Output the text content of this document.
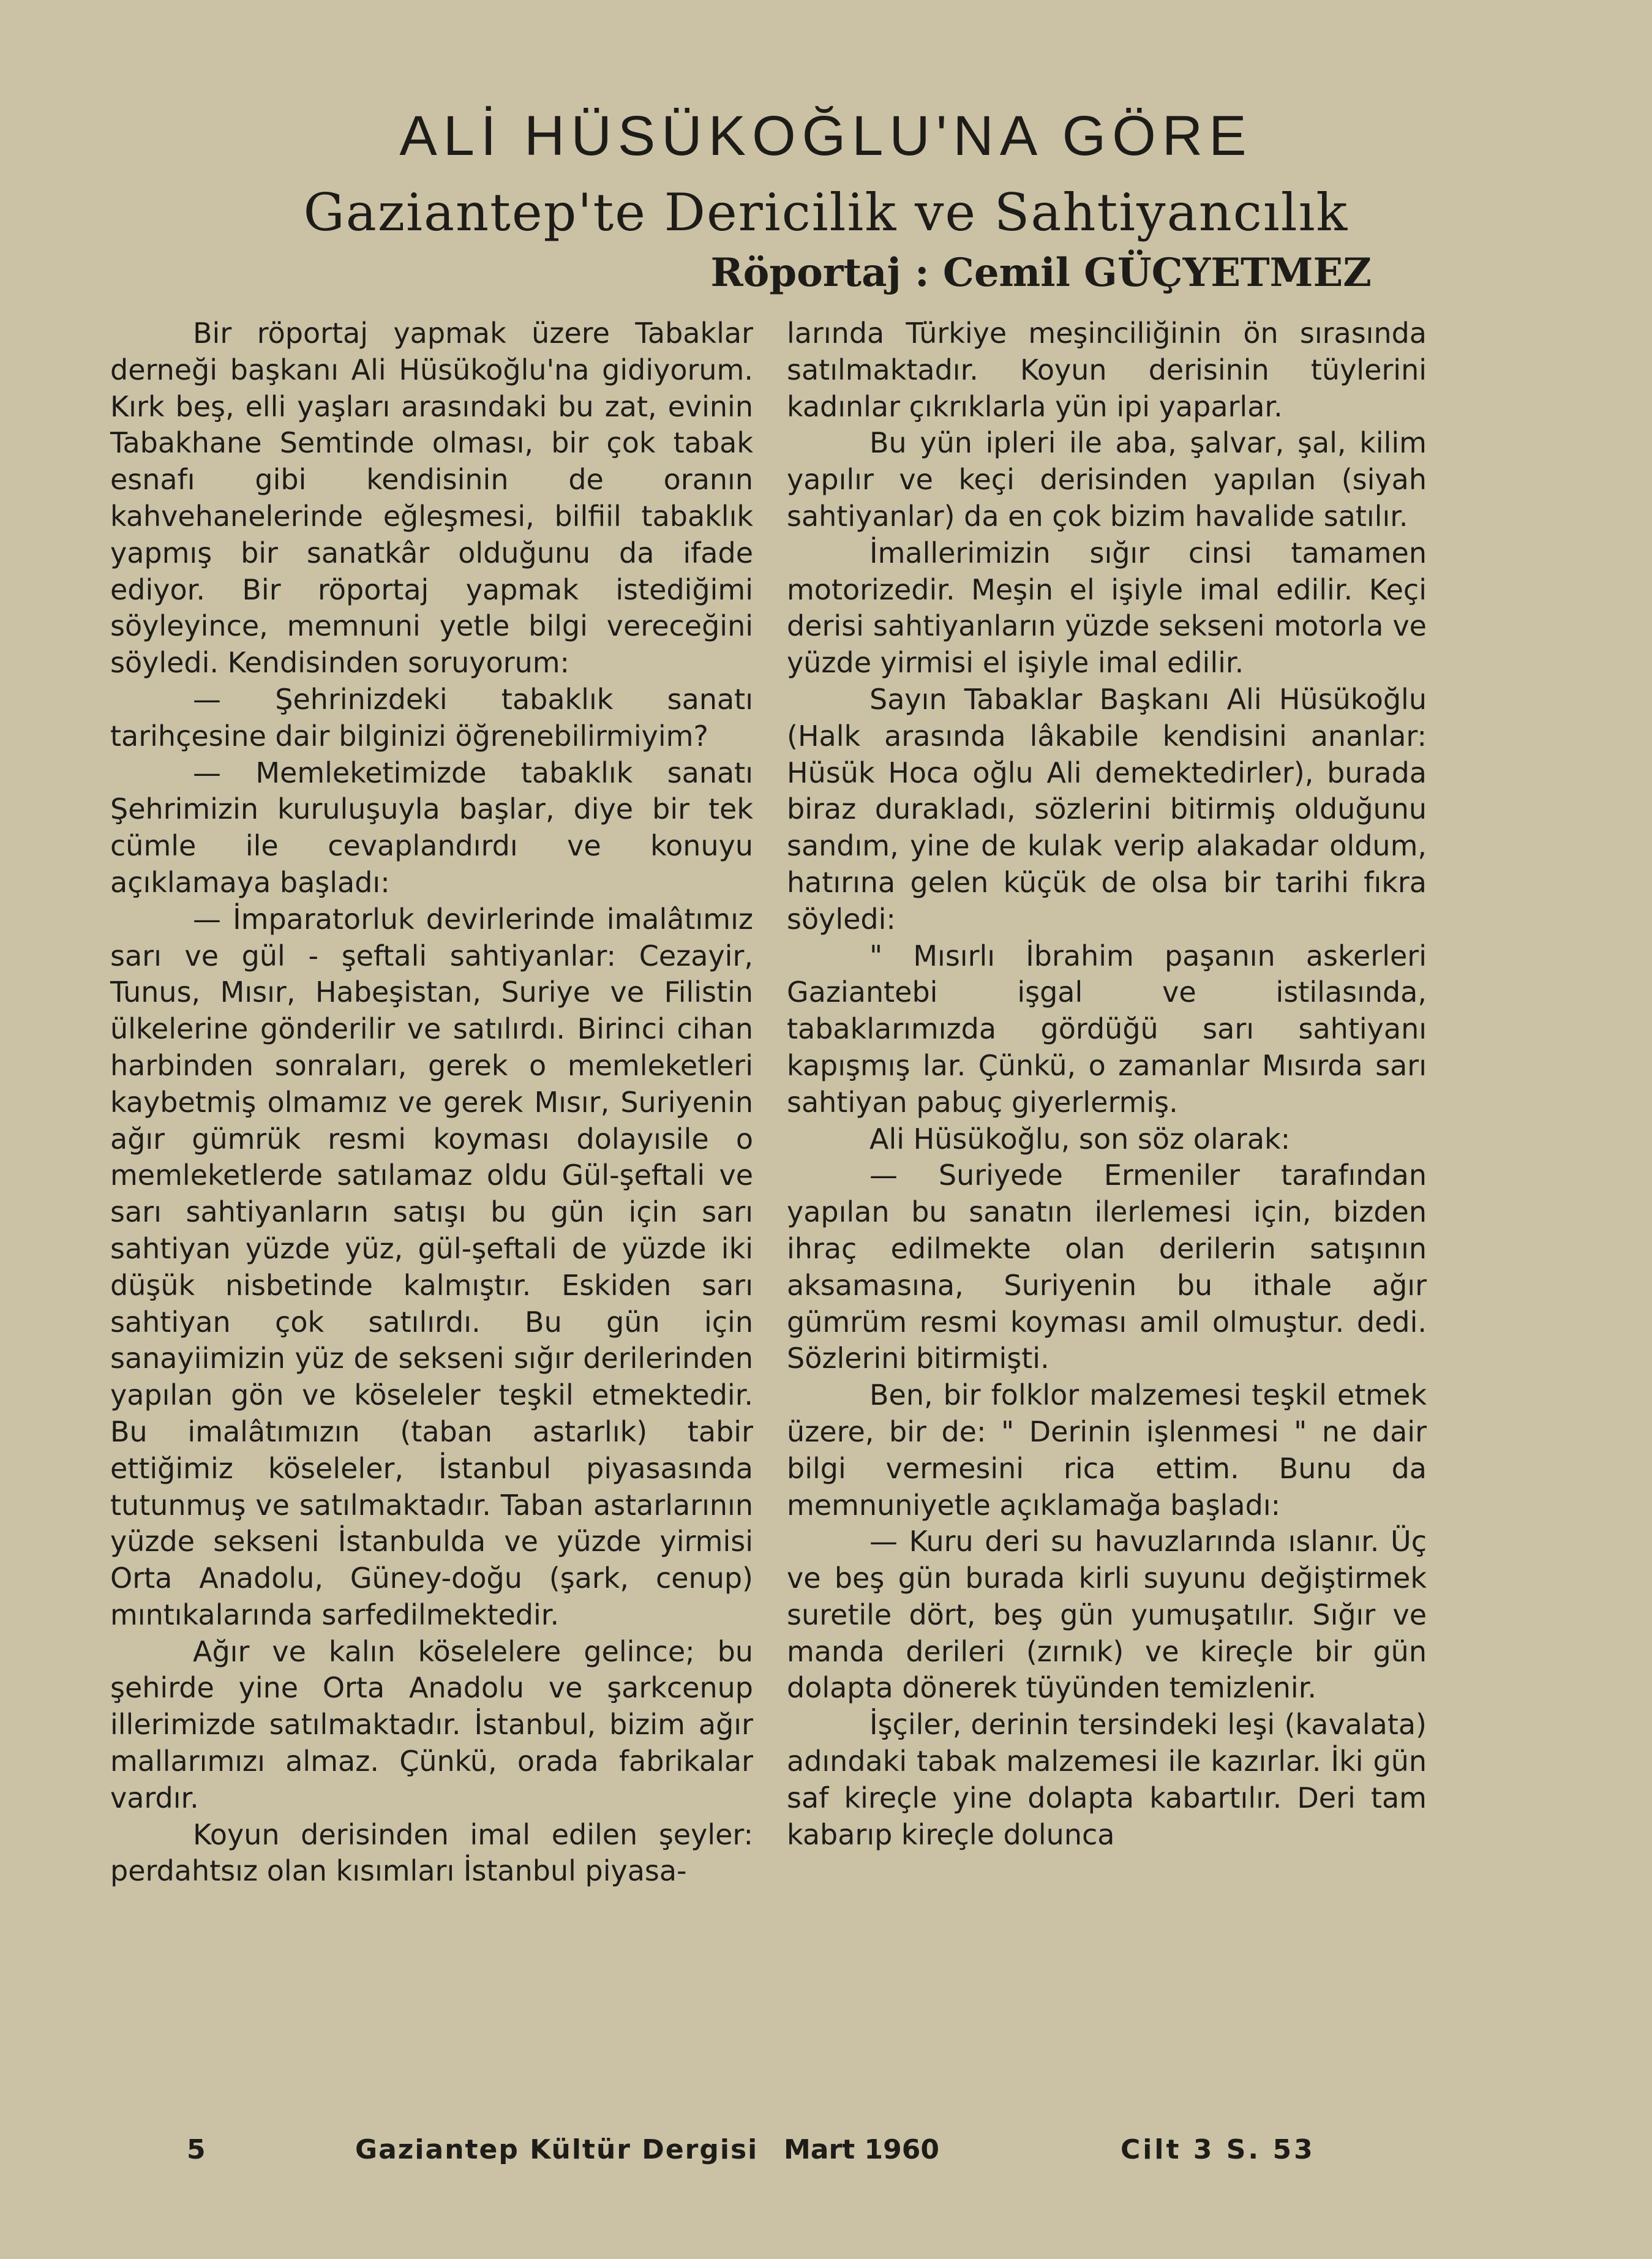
ALİ HÜSÜKOĞLU'NA GÖRE
Gaziantep'te Dericilik ve Sahtiyancılık
Röportaj : Cemil GÜÇYETMEZ

Bir röportaj yapmak üzere Tabaklar derneği başkanı Ali Hüsükoğlu'na gidiyorum. Kırk beş, elli yaşları arasındaki bu zat, evinin Tabakhane Semtinde olması, bir çok tabak esnafı gibi kendisinin de oranın kahvehanelerinde eğleşmesi, bilfiil tabaklık yapmış bir sanatkâr olduğunu da ifade ediyor. Bir röportaj yapmak istediğimi söyleyince, memnuni yetle bilgi vereceğini söyledi. Kendisinden soruyorum:

— Şehrinizdeki tabaklık sanatı tarihçesine dair bilginizi öğrenebilirmiyim?

— Memleketimizde tabaklık sanatı Şehrimizin kuruluşuyla başlar, diye bir tek cümle ile cevaplandırdı ve konuyu açıklamaya başladı:

— İmparatorluk devirlerinde imalâtımız sarı ve gül - şeftali sahtiyanlar: Cezayir, Tunus, Mısır, Habeşistan, Suriye ve Filistin ülkelerine gönderilir ve satılırdı. Birinci cihan harbinden sonraları, gerek o memleketleri kaybetmiş olmamız ve gerek Mısır, Suriyenin ağır gümrük resmi koyması dolayısile o memleketlerde satılamaz oldu Gül-şeftali ve sarı sahtiyanların satışı bu gün için sarı sahtiyan yüzde yüz, gül-şeftali de yüzde iki düşük nisbetinde kalmıştır. Eskiden sarı sahtiyan çok satılırdı. Bu gün için sanayiimizin yüz de sekseni sığır derilerinden yapılan gön ve köseleler teşkil etmektedir. Bu imalâtımızın (taban astarlık) tabir ettiğimiz köseleler, İstanbul piyasasında tutunmuş ve satılmaktadır. Taban astarlarının yüzde sekseni İstanbulda ve yüzde yirmisi Orta Anadolu, Güney-doğu (şark, cenup) mıntıkalarında sarfedilmektedir.

Ağır ve kalın köselelere gelince; bu şehirde yine Orta Anadolu ve şarkcenup illerimizde satılmaktadır. İstanbul, bizim ağır mallarımızı almaz. Çünkü, orada fabrikalar vardır.

Koyun derisinden imal edilen şeyler: perdahtsız olan kısımları İstanbul piyasa-

larında Türkiye meşinciliğinin ön sırasında satılmaktadır. Koyun derisinin tüylerini kadınlar çıkrıklarla yün ipi yaparlar.

Bu yün ipleri ile aba, şalvar, şal, kilim yapılır ve keçi derisinden yapılan (siyah sahtiyanlar) da en çok bizim havalide satılır.

İmallerimizin sığır cinsi tamamen motorizedir. Meşin el işiyle imal edilir. Keçi derisi sahtiyanların yüzde sekseni motorla ve yüzde yirmisi el işiyle imal edilir.

Sayın Tabaklar Başkanı Ali Hüsükoğlu (Halk arasında lâkabile kendisini ananlar: Hüsük Hoca oğlu Ali demektedirler), burada biraz durakladı, sözlerini bitirmiş olduğunu sandım, yine de kulak verip alakadar oldum, hatırına gelen küçük de olsa bir tarihi fıkra söyledi:

" Mısırlı İbrahim paşanın askerleri Gaziantebi işgal ve istilasında, tabaklarımızda gördüğü sarı sahtiyanı kapışmış lar. Çünkü, o zamanlar Mısırda sarı sahtiyan pabuç giyerlermiş.

Ali Hüsükoğlu, son söz olarak:

— Suriyede Ermeniler tarafından yapılan bu sanatın ilerlemesi için, bizden ihraç edilmekte olan derilerin satışının aksamasına, Suriyenin bu ithale ağır gümrüm resmi koyması amil olmuştur. dedi. Sözlerini bitirmişti.

Ben, bir folklor malzemesi teşkil etmek üzere, bir de: " Derinin işlenmesi " ne dair bilgi vermesini rica ettim. Bunu da memnuniyetle açıklamağa başladı:

— Kuru deri su havuzlarında ıslanır. Üç ve beş gün burada kirli suyunu değiştirmek suretile dört, beş gün yumuşatılır. Sığır ve manda derileri (zırnık) ve kireçle bir gün dolapta dönerek tüyünden temizlenir.

İşçiler, derinin tersindeki leşi (kavalata) adındaki tabak malzemesi ile kazırlar. İki gün saf kireçle yine dolapta kabartılır. Deri tam kabarıp kireçle dolunca

5	Gaziantep Kültür Dergisi Mart 1960	Cilt 3 S. 53
